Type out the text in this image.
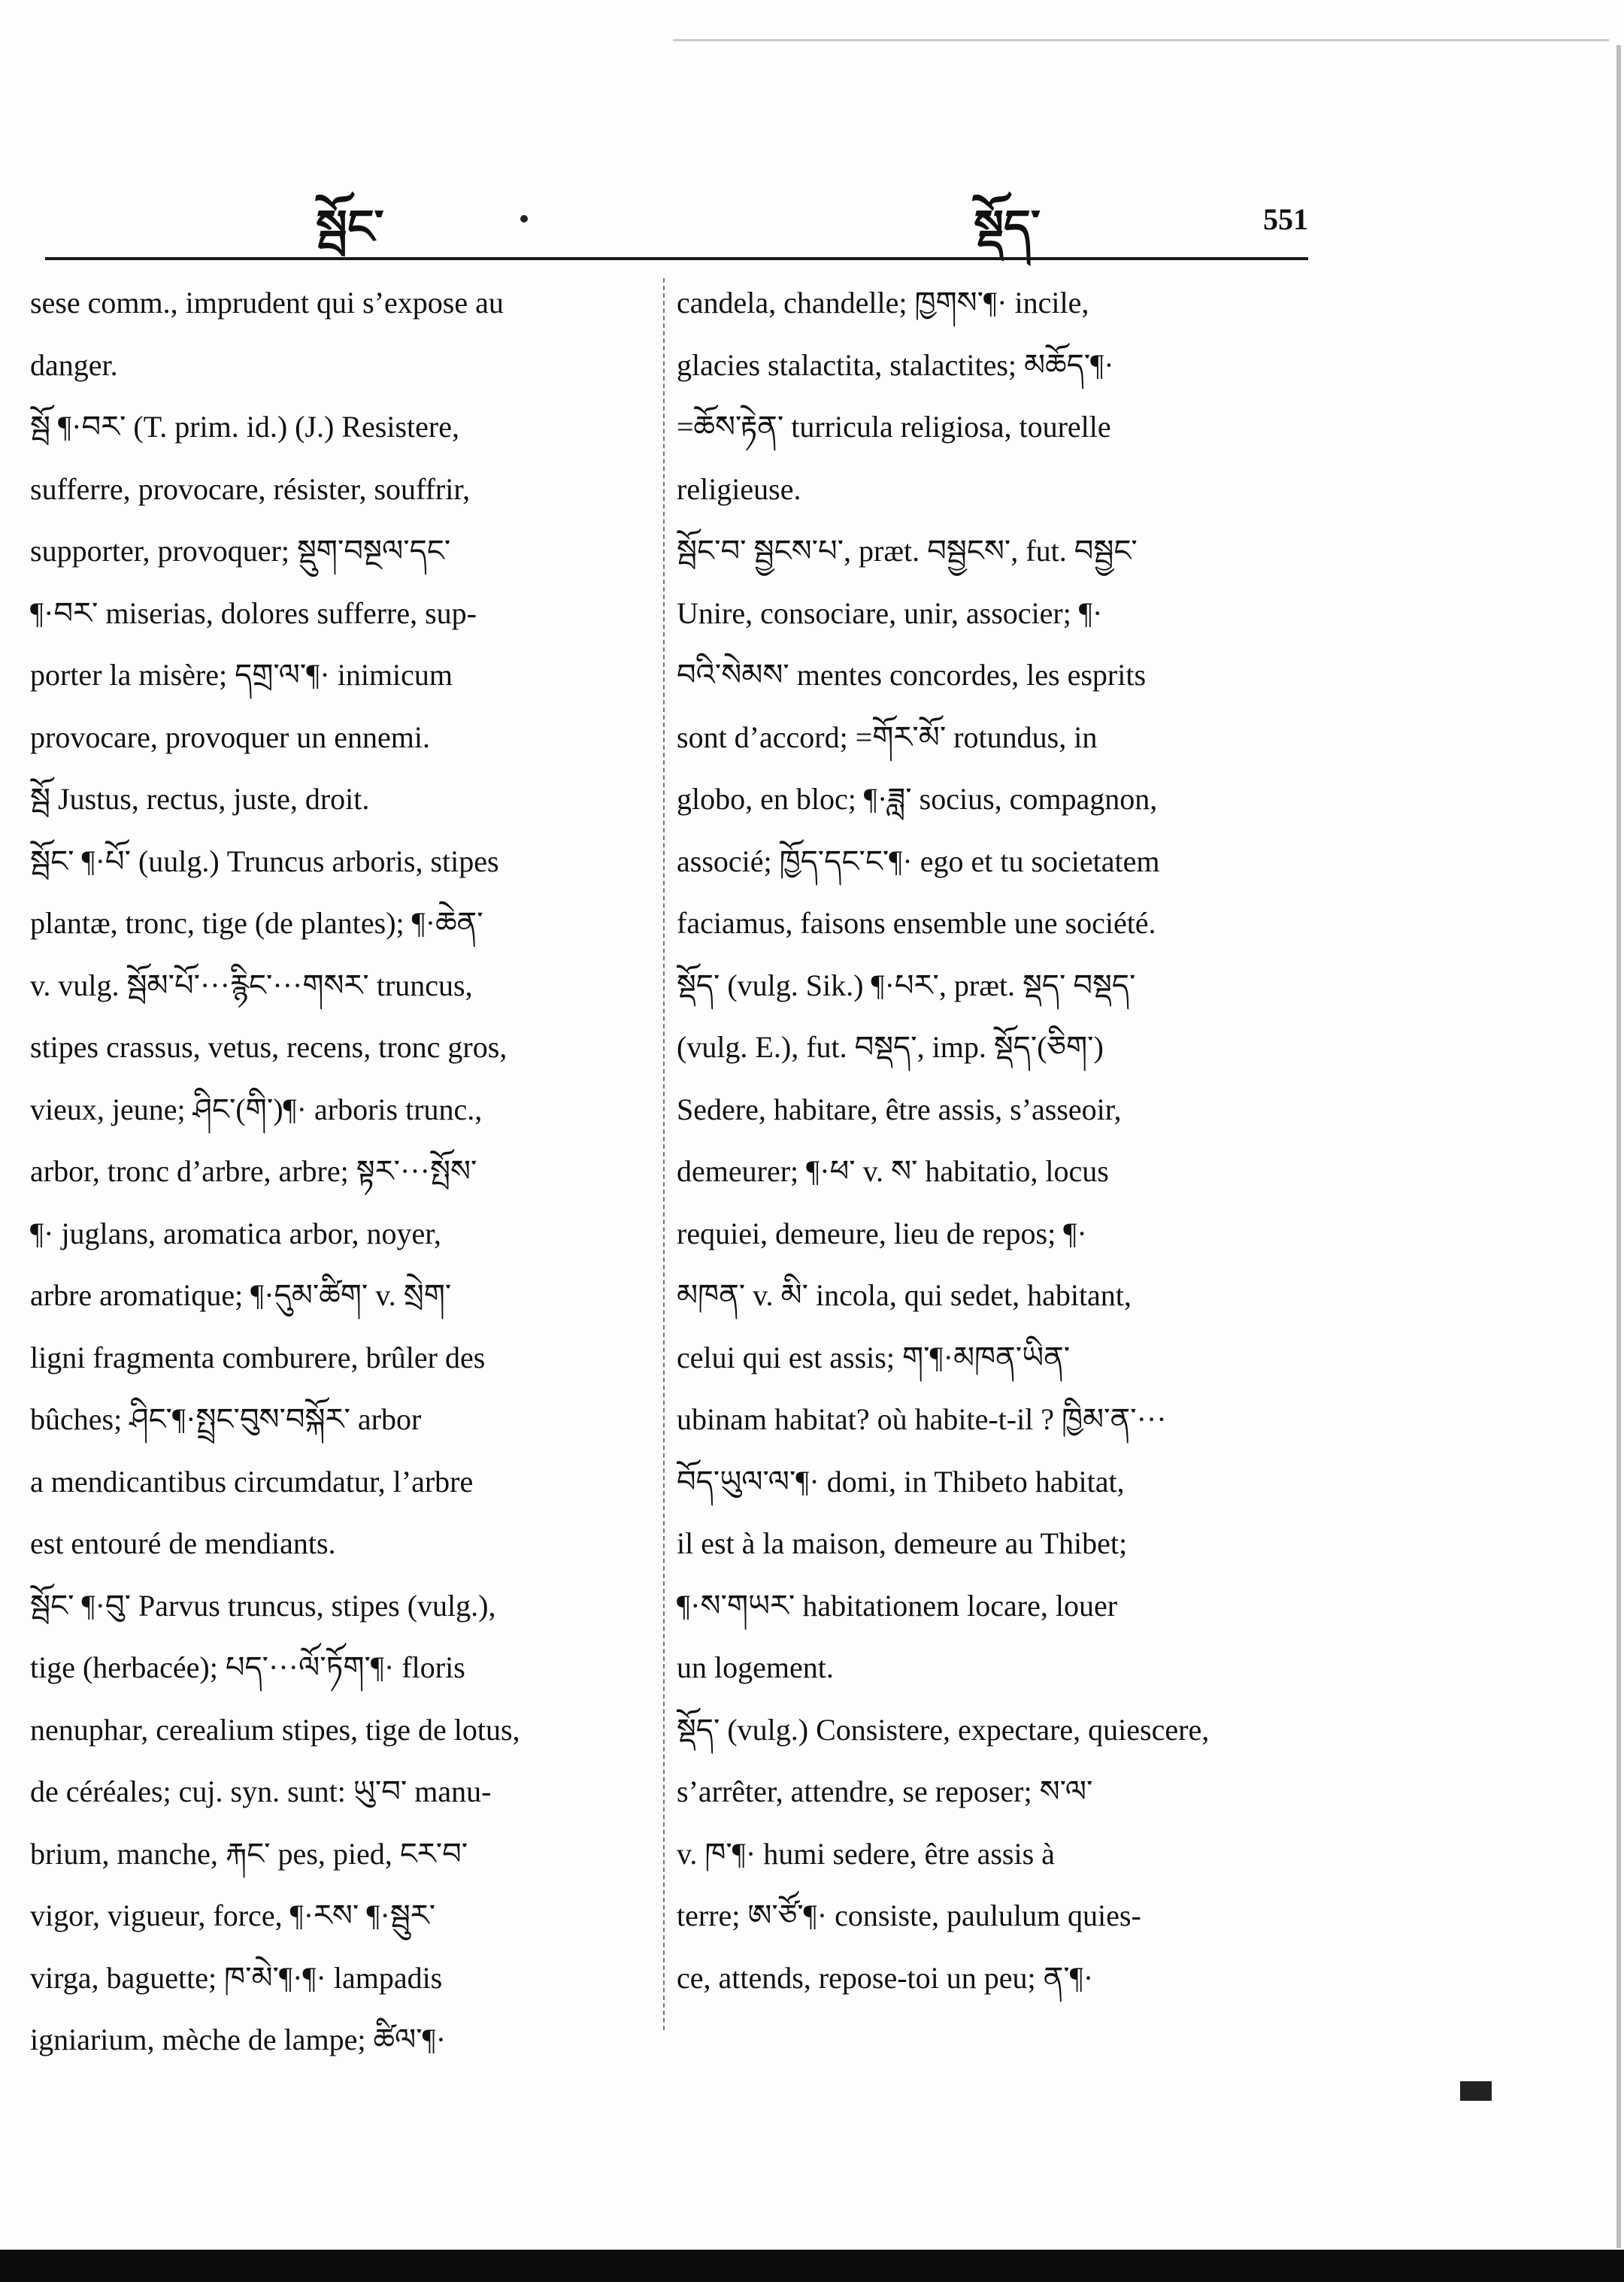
སྦོང་	སྡོད་	551
sese comm., imprudent qui s’expose au
danger.
སྦོ ¶·བར་ (T. prim. id.) (J.) Resistere,
sufferre, provocare, résister, souffrir,
supporter, provoquer; སྡུག་བསྔལ་དང་
¶·བར་ miserias, dolores sufferre, sup-
porter la misère; དགྲ་ལ་¶· inimicum
provocare, provoquer un ennemi.
སྦོ Justus, rectus, juste, droit.
སྦོང་ ¶·པོ་ (uulg.) Truncus arboris, stipes
plantæ, tronc, tige (de plantes); ¶·ཆེན་
v. vulg. སྦོམ་པོ་···རྙིང་···གསར་ truncus,
stipes crassus, vetus, recens, tronc gros,
vieux, jeune; ཤིང་(གི་)¶· arboris trunc.,
arbor, tronc d’arbre, arbre; སྟར་···སྤོས་
¶· juglans, aromatica arbor, noyer,
arbre aromatique; ¶·དུམ་ཚིག་ v. སྲེག་
ligni fragmenta comburere, brûler des
bûches; ཤིང་¶·སྤྲང་བུས་བསྐོར་ arbor
a mendicantibus circumdatur, l’arbre
est entouré de mendiants.
སྦོང་ ¶·བུ་ Parvus truncus, stipes (vulg.),
tige (herbacée); པད་···ལོ་ཏོག་¶· floris
nenuphar, cerealium stipes, tige de lotus,
de céréales; cuj. syn. sunt: ཡུ་བ་ manu-
brium, manche, རྐང་ pes, pied, ངར་བ་
vigor, vigueur, force, ¶·རས་ ¶·སྦུར་
virga, baguette; ཁ་མེ་¶·¶· lampadis
igniarium, mèche de lampe; ཚིལ་¶·
candela, chandelle; ཁྱགས་¶· incile,
glacies stalactita, stalactites; མཆོད་¶·
=ཆོས་རྟེན་ turricula religiosa, tourelle
religieuse.
སྦོང་བ་ སྦྱངས་པ་, præt. བསྦྱངས་, fut. བསྦྱང་
Unire, consociare, unir, associer; ¶·
བའི་སེམས་ mentes concordes, les esprits
sont d’accord; =གོར་མོ་ rotundus, in
globo, en bloc; ¶·ཟླ་ socius, compagnon,
associé; ཁྱོད་དང་ང་¶· ego et tu societatem
faciamus, faisons ensemble une société.
སྡོད་ (vulg. Sik.) ¶·པར་, præt. སྡད་ བསྡད་
(vulg. E.), fut. བསྡད་, imp. སྡོད་(ཅིག་)
Sedere, habitare, être assis, s’asseoir,
demeurer; ¶·ཕ་ v. ས་ habitatio, locus
requiei, demeure, lieu de repos; ¶·
མཁན་ v. མི་ incola, qui sedet, habitant,
celui qui est assis; ག་¶·མཁན་ཡིན་
ubinam habitat? où habite-t-il ? ཁྱིམ་ན་···
བོད་ཡུལ་ལ་¶· domi, in Thibeto habitat,
il est à la maison, demeure au Thibet;
¶·ས་གཡར་ habitationem locare, louer
un logement.
སྡོད་ (vulg.) Consistere, expectare, quiescere,
s’arrêter, attendre, se reposer; ས་ལ་
v. ཁ་¶· humi sedere, être assis à
terre; ཨ་ཙོ་¶· consiste, paululum quies-
ce, attends, repose-toi un peu; ན་¶·
